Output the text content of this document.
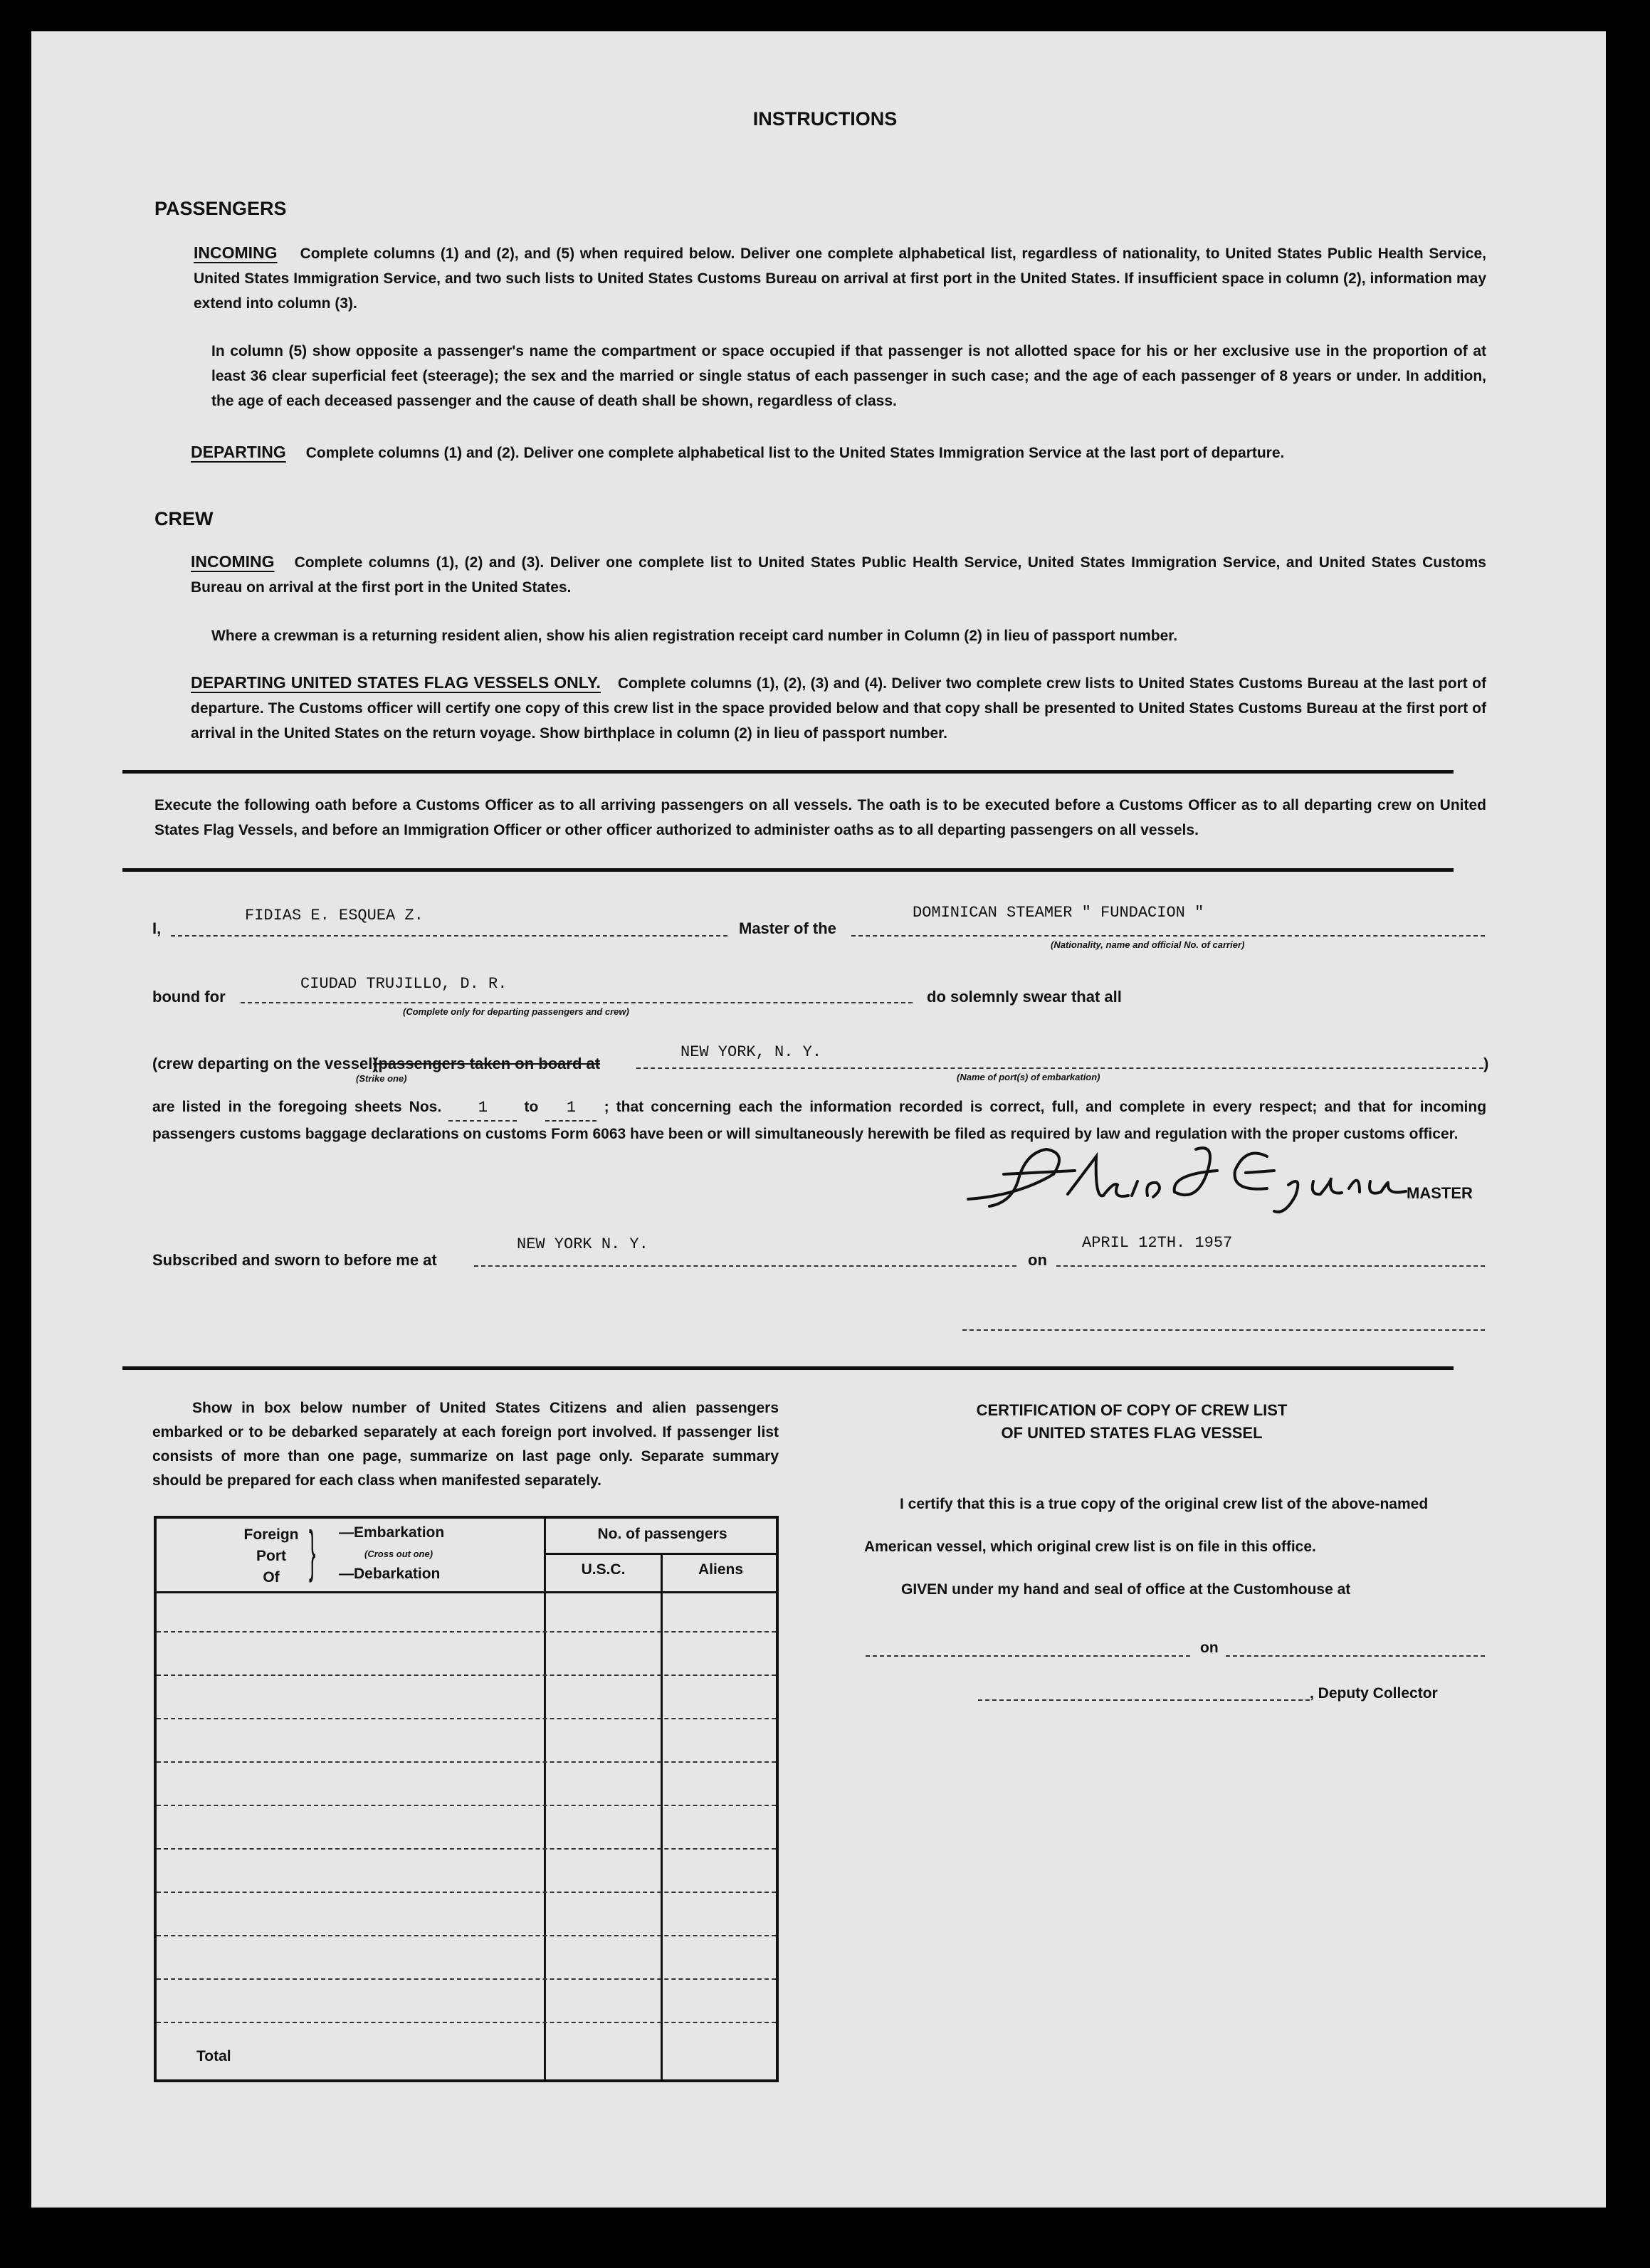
INSTRUCTIONS
PASSENGERS
INCOMING Complete columns (1) and (2), and (5) when required below. Deliver one complete alphabetical list, regardless of nationality, to United States Public Health Service, United States Immigration Service, and two such lists to United States Customs Bureau on arrival at first port in the United States. If insufficient space in column (2), information may extend into column (3).
In column (5) show opposite a passenger's name the compartment or space occupied if that passenger is not allotted space for his or her exclusive use in the proportion of at least 36 clear superficial feet (steerage); the sex and the married or single status of each passenger in such case; and the age of each passenger of 8 years or under. In addition, the age of each deceased passenger and the cause of death shall be shown, regardless of class.
DEPARTING Complete columns (1) and (2). Deliver one complete alphabetical list to the United States Immigration Service at the last port of departure.
CREW
INCOMING Complete columns (1), (2) and (3). Deliver one complete list to United States Public Health Service, United States Immigration Service, and United States Customs Bureau on arrival at the first port in the United States.
Where a crewman is a returning resident alien, show his alien registration receipt card number in Column (2) in lieu of passport number.
DEPARTING UNITED STATES FLAG VESSELS ONLY. Complete columns (1), (2), (3) and (4). Deliver two complete crew lists to United States Customs Bureau at the last port of departure. The Customs officer will certify one copy of this crew list in the space provided below and that copy shall be presented to United States Customs Bureau at the first port of arrival in the United States on the return voyage. Show birthplace in column (2) in lieu of passport number.
Execute the following oath before a Customs Officer as to all arriving passengers on all vessels. The oath is to be executed before a Customs Officer as to all departing crew on United States Flag Vessels, and before an Immigration Officer or other officer authorized to administer oaths as to all departing passengers on all vessels.
I,
FIDIAS E. ESQUEA Z.
Master of the
DOMINICAN STEAMER " FUNDACION "
(Nationality, name and official No. of carrier)
bound for
CIUDAD TRUJILLO, D. R.
(Complete only for departing passengers and crew)
do solemnly swear that all
(crew departing on the vessel)
(passengers taken on board at
(Strike one)
NEW YORK, N. Y.
(Name of port(s) of embarkation)
)
are listed in the foregoing sheets Nos. 1 to 1 ; that concerning each the information recorded is correct, full, and complete in every respect; and that for incoming passengers customs baggage declarations on customs Form 6063 have been or will simultaneously herewith be filed as required by law and regulation with the proper customs officer.
MASTER
Subscribed and sworn to before me at
NEW YORK N. Y.
on
APRIL 12TH. 1957
Show in box below number of United States Citizens and alien passengers embarked or to be debarked separately at each foreign port involved. If passenger list consists of more than one page, summarize on last page only. Separate summary should be prepared for each class when manifested separately.
Foreign
Port
Of } —Embarkation
(Cross out one)
—Debarkation
No. of passengers
U.S.C.	Aliens
Total
CERTIFICATION OF COPY OF CREW LIST
OF UNITED STATES FLAG VESSEL
I certify that this is a true copy of the original crew list of the above-named
American vessel, which original crew list is on file in this office.
GIVEN under my hand and seal of office at the Customhouse at
on
, Deputy Collector
